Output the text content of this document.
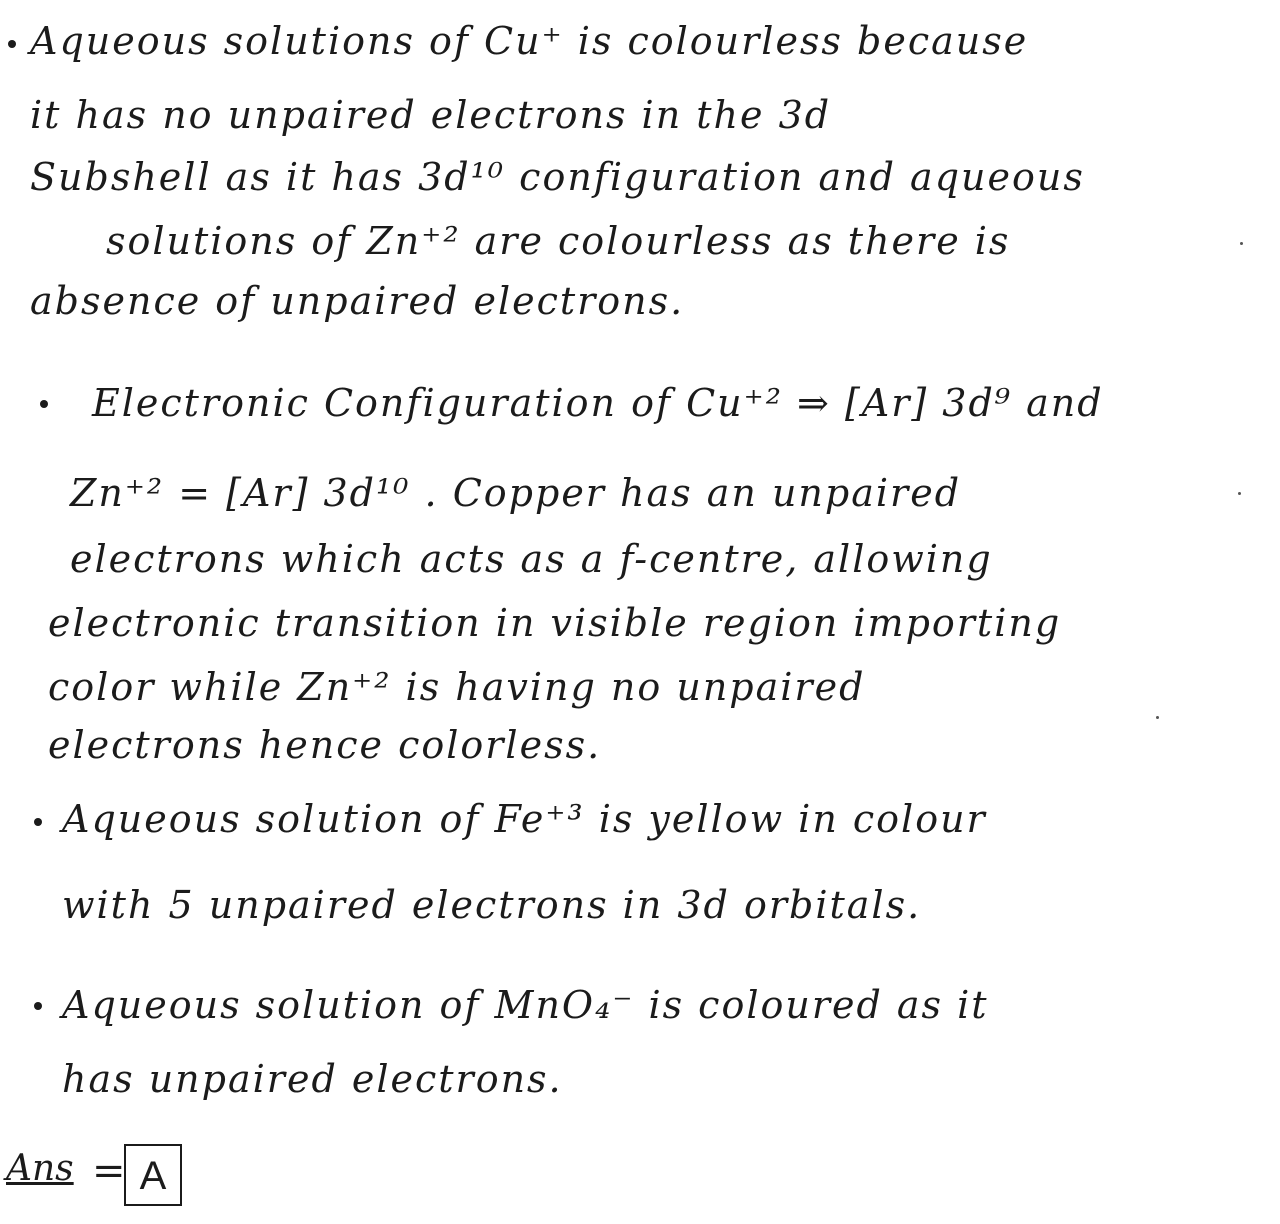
Aqueous solutions of Cu⁺ is colourless because
it has no unpaired electrons in the 3d
Subshell as it has 3d¹⁰ configuration and aqueous
solutions of Zn⁺² are colourless as there is
absence of unpaired electrons.
Electronic Configuration of Cu⁺² ⇒ [Ar] 3d⁹ and
Zn⁺² = [Ar] 3d¹⁰ . Copper has an unpaired
electrons which acts as a f-centre, allowing
electronic transition in visible region importing
color while Zn⁺² is having no unpaired
electrons hence colorless.
Aqueous solution of Fe⁺³ is yellow in colour
with 5 unpaired electrons in 3d orbitals.
Aqueous solution of MnO₄⁻ is coloured as it
has unpaired electrons.
Ans = A
